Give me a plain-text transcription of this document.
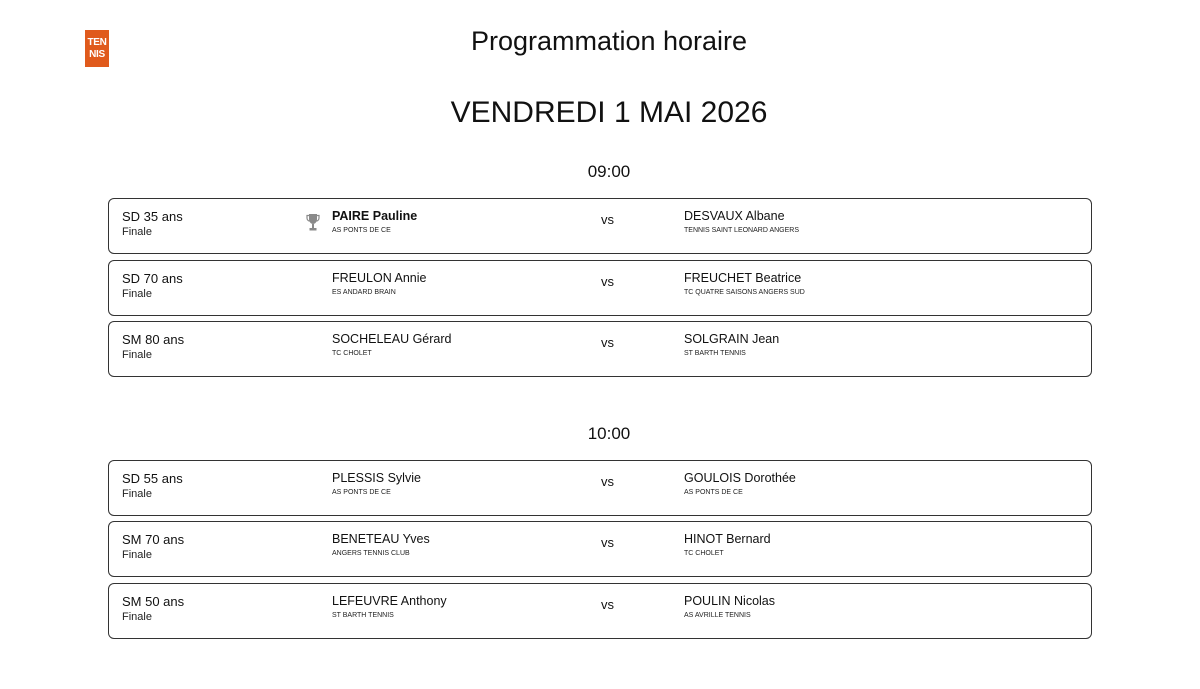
TEN
NIS	Programmation horaire
VENDREDI 1 MAI 2026
09:00
SD 35 ans
Finale
PAIRE Pauline
AS PONTS DE CE
vs	DESVAUX Albane
TENNIS SAINT LEONARD ANGERS
SD 70 ans
Finale
FREULON Annie
ES ANDARD BRAIN
vs	FREUCHET Beatrice
TC QUATRE SAISONS ANGERS SUD
SM 80 ans
Finale
SOCHELEAU Gérard
TC CHOLET
vs	SOLGRAIN Jean
ST BARTH TENNIS
10:00
SD 55 ans
Finale
PLESSIS Sylvie
AS PONTS DE CE
vs	GOULOIS Dorothée
AS PONTS DE CE
SM 70 ans
Finale
BENETEAU Yves
ANGERS TENNIS CLUB
vs	HINOT Bernard
TC CHOLET
SM 50 ans
Finale
LEFEUVRE Anthony
ST BARTH TENNIS
vs	POULIN Nicolas
AS AVRILLE TENNIS
